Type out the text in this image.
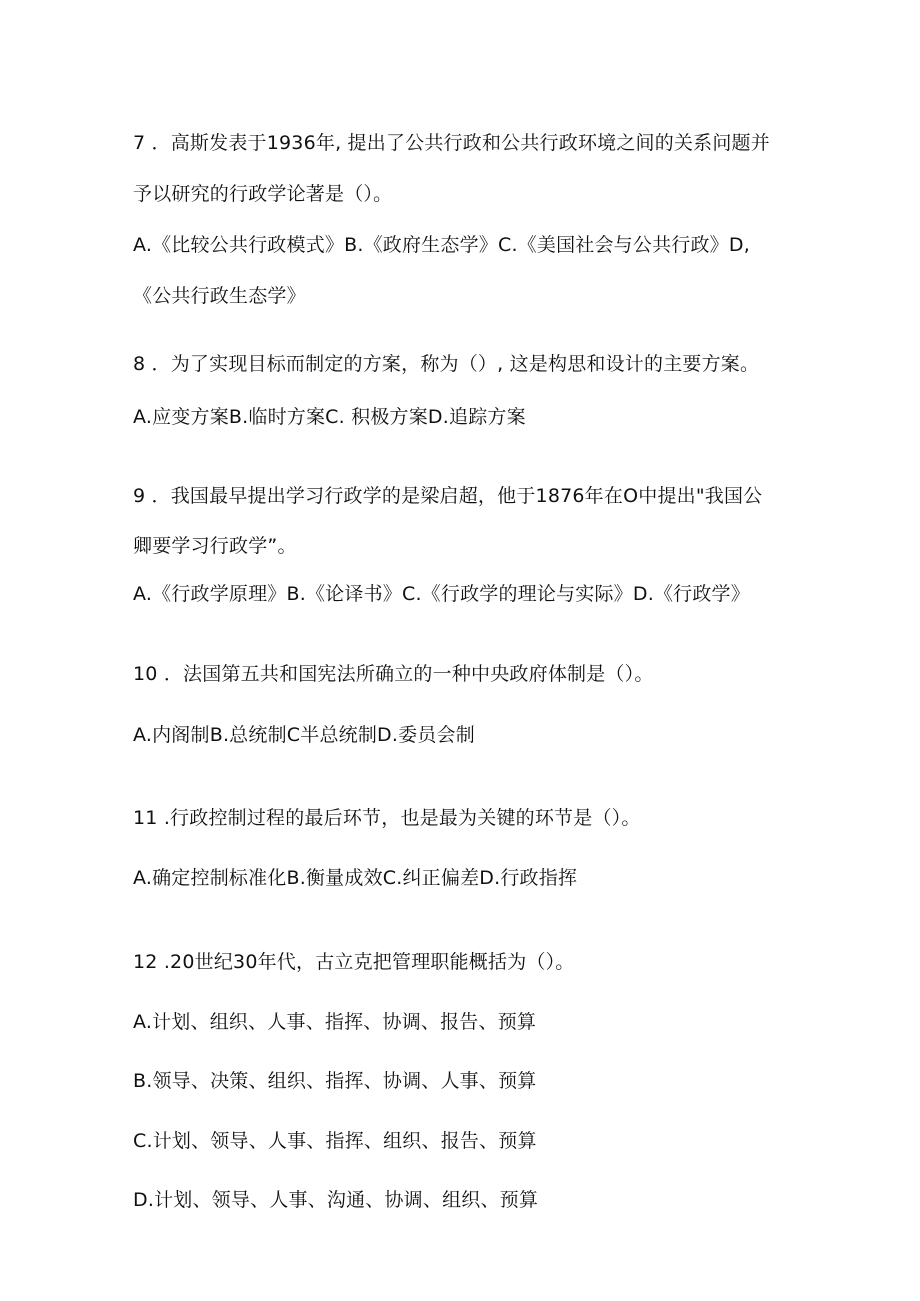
7 ．高斯发表于1936年, 提出了公共行政和公共行政环境之间的关系问题并
予以研究的行政学论著是（）。
A.《比较公共行政模式》B.《政府生态学》C.《美国社会与公共行政》D,
《公共行政生态学》
8 ．为了实现目标而制定的方案，称为（）, 这是构思和设计的主要方案。
A.应变方案B.临时方案C. 积极方案D.追踪方案
9 ．我国最早提出学习行政学的是梁启超，他于1876年在O中提出"我国公
卿要学习行政学”。
A.《行政学原理》B.《论译书》C.《行政学的理论与实际》D.《行政学》
10 ．法国第五共和国宪法所确立的一种中央政府体制是（）。
A.内阁制B.总统制C半总统制D.委员会制
11 .行政控制过程的最后环节，也是最为关键的环节是（）。
A.确定控制标准化B.衡量成效C.纠正偏差D.行政指挥
12 .20世纪30年代，古立克把管理职能概括为（）。
A.计划、组织、人事、指挥、协调、报告、预算
B.领导、决策、组织、指挥、协调、人事、预算
C.计划、领导、人事、指挥、组织、报告、预算
D.计划、领导、人事、沟通、协调、组织、预算
